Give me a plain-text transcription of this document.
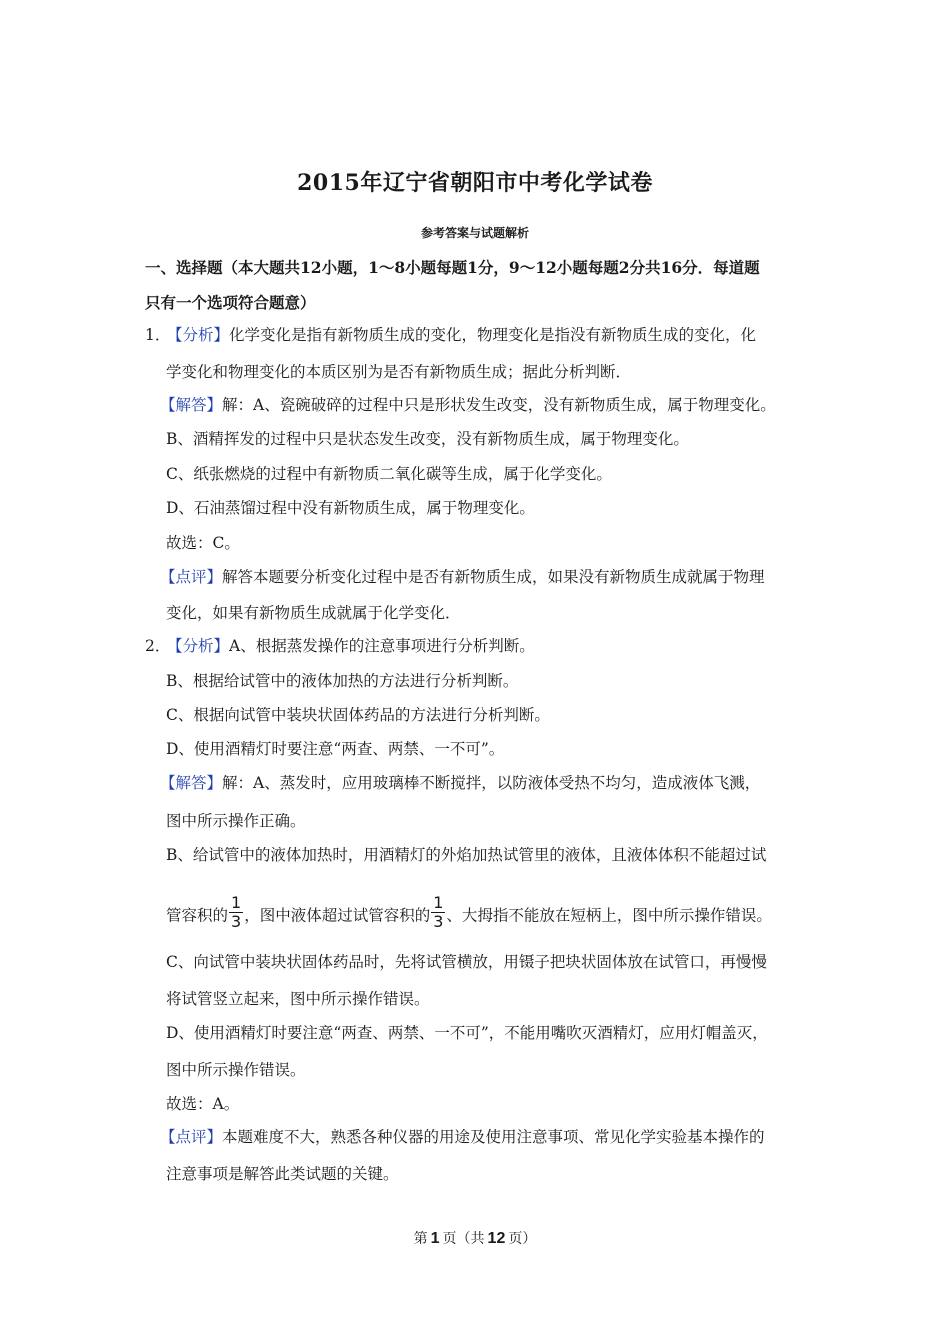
2015年辽宁省朝阳市中考化学试卷
参考答案与试题解析
一、选择题（本大题共12小题，1～8小题每题1分，9～12小题每题2分共16分．每道题
只有一个选项符合题意）
1．【分析】化学变化是指有新物质生成的变化，物理变化是指没有新物质生成的变化，化
学变化和物理变化的本质区别为是否有新物质生成；据此分析判断．
【解答】解：A、瓷碗破碎的过程中只是形状发生改变，没有新物质生成，属于物理变化。
B、酒精挥发的过程中只是状态发生改变，没有新物质生成，属于物理变化。
C、纸张燃烧的过程中有新物质二氧化碳等生成，属于化学变化。
D、石油蒸馏过程中没有新物质生成，属于物理变化。
故选：C。
【点评】解答本题要分析变化过程中是否有新物质生成，如果没有新物质生成就属于物理
变化，如果有新物质生成就属于化学变化．
2．【分析】A、根据蒸发操作的注意事项进行分析判断。
B、根据给试管中的液体加热的方法进行分析判断。
C、根据向试管中装块状固体药品的方法进行分析判断。
D、使用酒精灯时要注意“两查、两禁、一不可”。
【解答】解：A、蒸发时，应用玻璃棒不断搅拌，以防液体受热不均匀，造成液体飞溅，
图中所示操作正确。
B、给试管中的液体加热时，用酒精灯的外焰加热试管里的液体，且液体体积不能超过试
管容积的 $\frac{1}{3}$ ，图中液体超过试管容积的 $\frac{1}{3}$ 、大拇指不能放在短柄上，图中所示操作错误。
C、向试管中装块状固体药品时，先将试管横放，用镊子把块状固体放在试管口，再慢慢
将试管竖立起来，图中所示操作错误。
D、使用酒精灯时要注意“两查、两禁、一不可”，不能用嘴吹灭酒精灯，应用灯帽盖灭，
图中所示操作错误。
故选：A。
【点评】本题难度不大，熟悉各种仪器的用途及使用注意事项、常见化学实验基本操作的
注意事项是解答此类试题的关键。
第 1 页（共 12 页）
